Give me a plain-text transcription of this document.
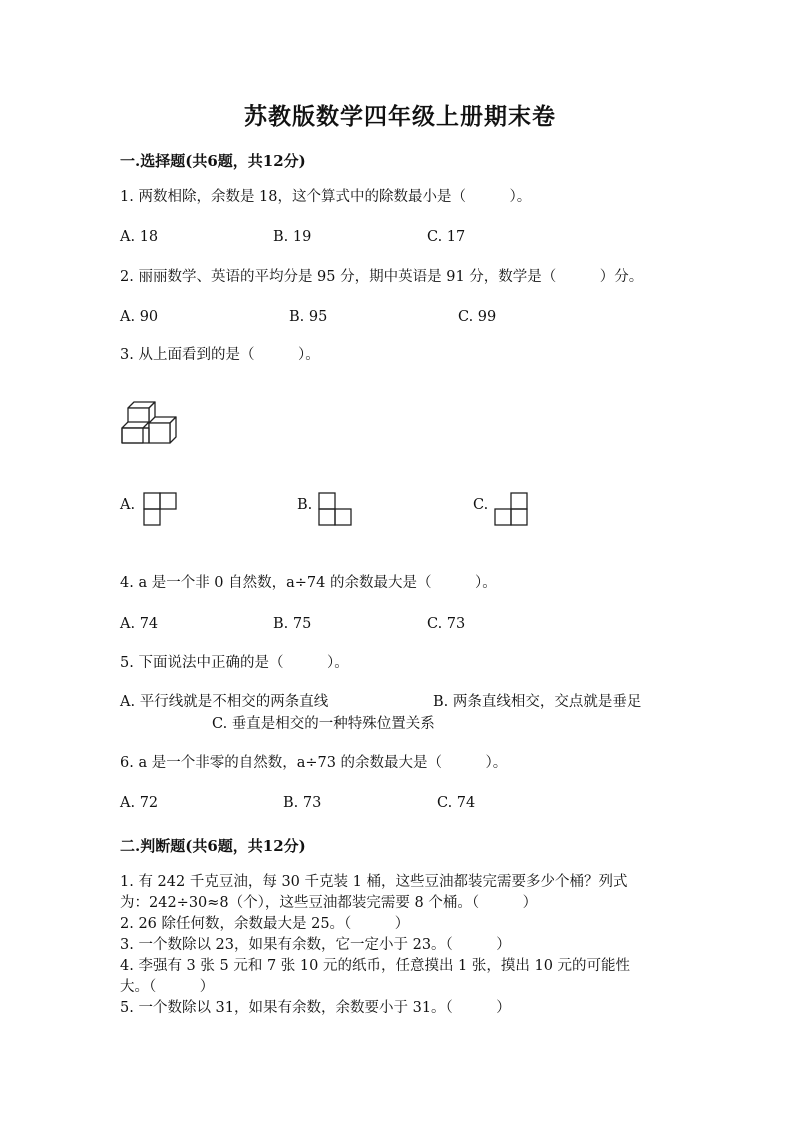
苏教版数学四年级上册期末卷
一.选择题(共6题，共12分)
1. 两数相除，余数是 18，这个算式中的除数最小是（　　　）。
A. 18	B. 19	C. 17
2. 丽丽数学、英语的平均分是 95 分，期中英语是 91 分，数学是（　　　）分。
A. 90	B. 95	C. 99
3. 从上面看到的是（　　　）。
A.	B.	C.
4. a 是一个非 0 自然数，a÷74 的余数最大是（　　　）。
A. 74	B. 75	C. 73
5. 下面说法中正确的是（　　　）。
A. 平行线就是不相交的两条直线	B. 两条直线相交，交点就是垂足
C. 垂直是相交的一种特殊位置关系
6. a 是一个非零的自然数，a÷73 的余数最大是（　　　）。
A. 72	B. 73	C. 74
二.判断题(共6题，共12分)
1. 有 242 千克豆油，每 30 千克装 1 桶，这些豆油都装完需要多少个桶？列式
为：242÷30≈8（个），这些豆油都装完需要 8 个桶。（　　　）
2. 26 除任何数，余数最大是 25。（　　　）
3. 一个数除以 23，如果有余数，它一定小于 23。（　　　）
4. 李强有 3 张 5 元和 7 张 10 元的纸币，任意摸出 1 张，摸出 10 元的可能性
大。（　　　）
5. 一个数除以 31，如果有余数，余数要小于 31。（　　　）
